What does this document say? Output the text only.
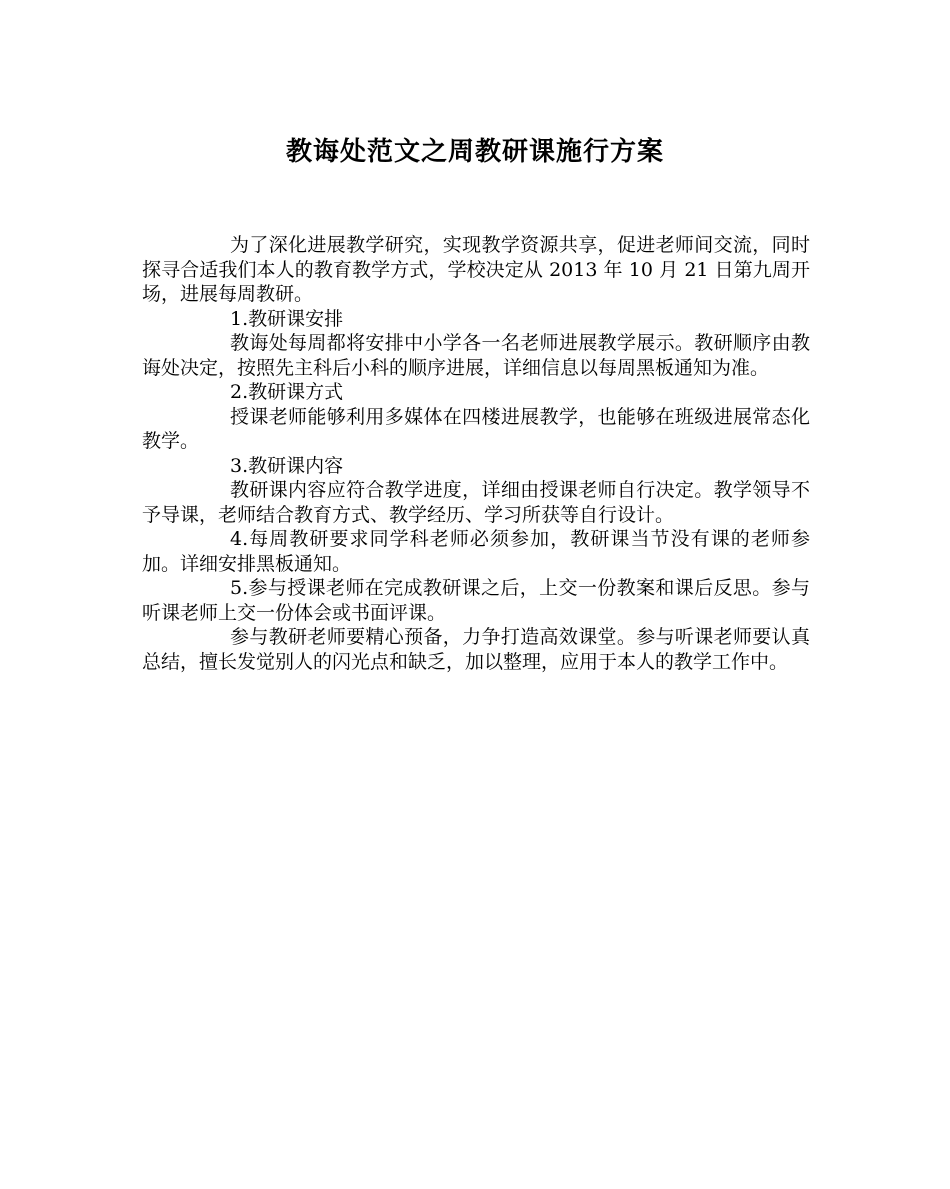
教诲处范文之周教研课施行方案

为了深化进展教学研究，实现教学资源共享，促进老师间交流，同时探寻合适我们本人的教育教学方式，学校决定从 2013 年 10 月 21 日第九周开场，进展每周教研。

1.教研课安排

教诲处每周都将安排中小学各一名老师进展教学展示。教研顺序由教诲处决定，按照先主科后小科的顺序进展，详细信息以每周黑板通知为准。

2.教研课方式

授课老师能够利用多媒体在四楼进展教学，也能够在班级进展常态化教学。

3.教研课内容

教研课内容应符合教学进度，详细由授课老师自行决定。教学领导不予导课，老师结合教育方式、教学经历、学习所获等自行设计。

4.每周教研要求同学科老师必须参加，教研课当节没有课的老师参加。详细安排黑板通知。

5.参与授课老师在完成教研课之后，上交一份教案和课后反思。参与听课老师上交一份体会或书面评课。

参与教研老师要精心预备，力争打造高效课堂。参与听课老师要认真总结，擅长发觉别人的闪光点和缺乏，加以整理，应用于本人的教学工作中。
